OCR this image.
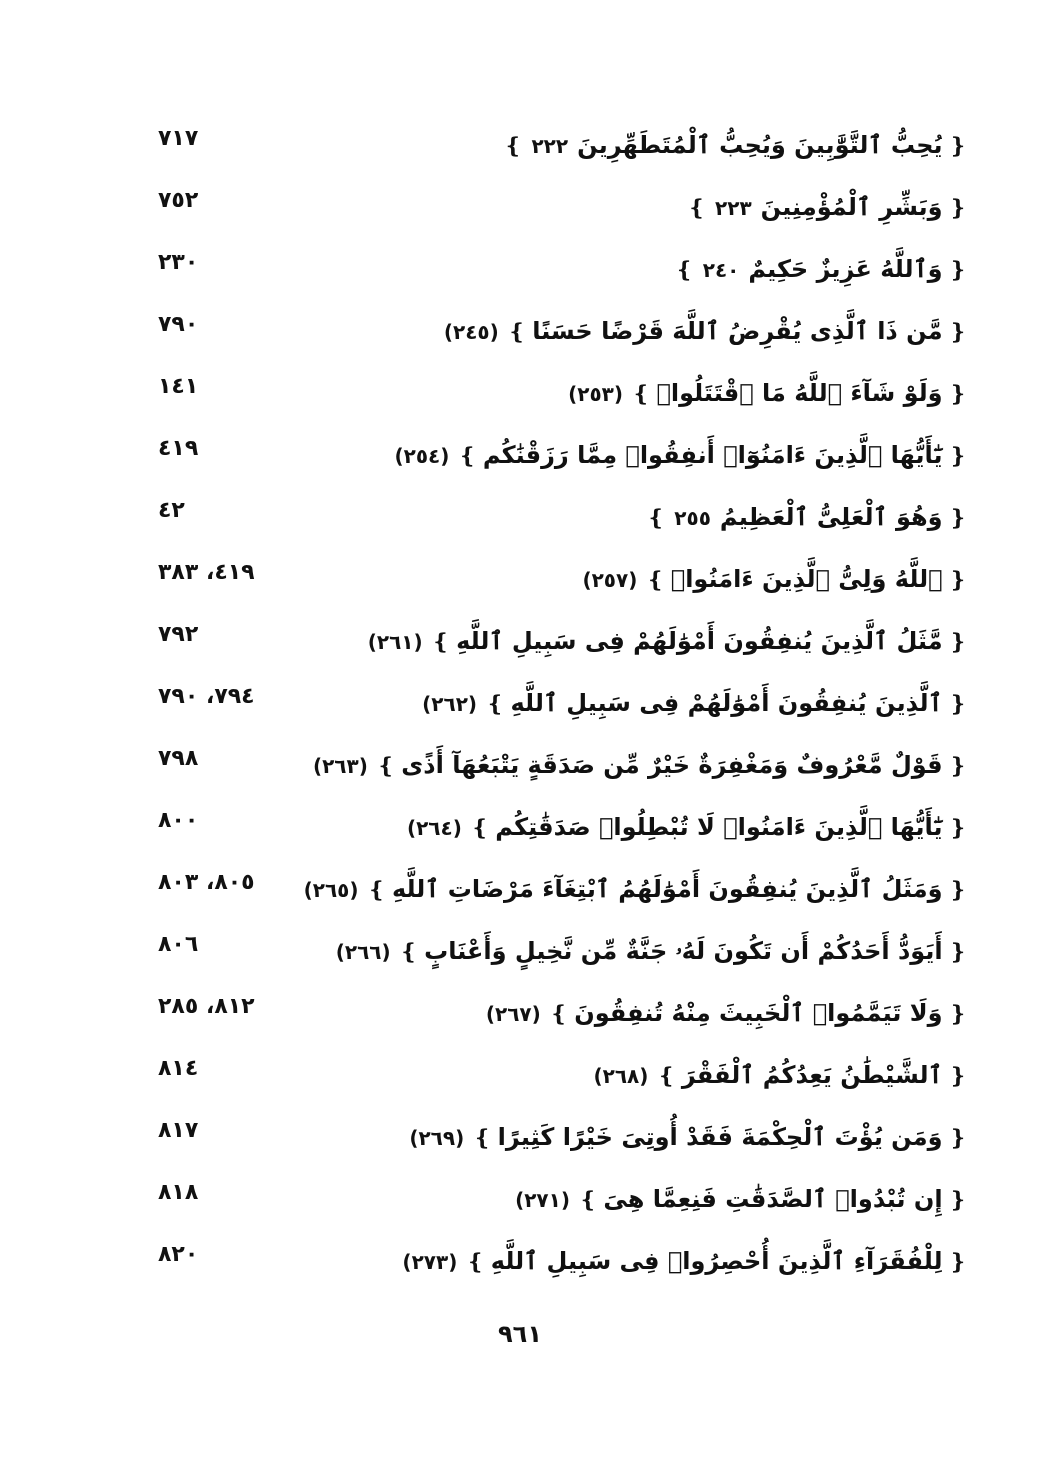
٧١٧	❴يُحِبُّ ٱلتَّوَّٰبِينَ وَيُحِبُّ ٱلْمُتَطَهِّرِينَ٢٢٢❵
٧٥٢	❴وَبَشِّرِ ٱلْمُؤْمِنِينَ٢٢٣❵
٢٣٠	❴وَٱللَّهُ عَزِيزٌ حَكِيمٌ٢٤٠❵
٧٩٠	❴مَّن ذَا ٱلَّذِى يُقْرِضُ ٱللَّهَ قَرْضًا حَسَنًا❵(٢٤٥)
١٤١	❴وَلَوْ شَآءَ ٱللَّهُ مَا ٱقْتَتَلُوا۟❵(٢٥٣)
٤١٩	❴يَٰٓأَيُّهَا ٱلَّذِينَ ءَامَنُوٓا۟ أَنفِقُوا۟ مِمَّا رَزَقْنَٰكُم❵(٢٥٤)
٤٢	❴وَهُوَ ٱلْعَلِىُّ ٱلْعَظِيمُ٢٥٥❵
٤١٩، ٣٨٣	❴ٱللَّهُ وَلِىُّ ٱلَّذِينَ ءَامَنُوا۟❵(٢٥٧)
٧٩٢	❴مَّثَلُ ٱلَّذِينَ يُنفِقُونَ أَمْوَٰلَهُمْ فِى سَبِيلِ ٱللَّهِ❵(٢٦١)
٧٩٤، ٧٩٠	❴ٱلَّذِينَ يُنفِقُونَ أَمْوَٰلَهُمْ فِى سَبِيلِ ٱللَّهِ❵(٢٦٢)
٧٩٨	❴قَوْلٌ مَّعْرُوفٌ وَمَغْفِرَةٌ خَيْرٌ مِّن صَدَقَةٍ يَتْبَعُهَآ أَذًى❵(٢٦٣)
٨٠٠	❴يَٰٓأَيُّهَا ٱلَّذِينَ ءَامَنُوا۟ لَا تُبْطِلُوا۟ صَدَقَٰتِكُم❵(٢٦٤)
٨٠٥، ٨٠٣	❴وَمَثَلُ ٱلَّذِينَ يُنفِقُونَ أَمْوَٰلَهُمُ ٱبْتِغَآءَ مَرْضَاتِ ٱللَّهِ❵(٢٦٥)
٨٠٦	❴أَيَوَدُّ أَحَدُكُمْ أَن تَكُونَ لَهُۥ جَنَّةٌ مِّن نَّخِيلٍ وَأَعْنَابٍ❵(٢٦٦)
٨١٢، ٢٨٥	❴وَلَا تَيَمَّمُوا۟ ٱلْخَبِيثَ مِنْهُ تُنفِقُونَ❵(٢٦٧)
٨١٤	❴ٱلشَّيْطَٰنُ يَعِدُكُمُ ٱلْفَقْرَ❵(٢٦٨)
٨١٧	❴وَمَن يُؤْتَ ٱلْحِكْمَةَ فَقَدْ أُوتِىَ خَيْرًا كَثِيرًا❵(٢٦٩)
٨١٨	❴إِن تُبْدُوا۟ ٱلصَّدَقَٰتِ فَنِعِمَّا هِىَ❵(٢٧١)
٨٢٠	❴لِلْفُقَرَآءِ ٱلَّذِينَ أُحْصِرُوا۟ فِى سَبِيلِ ٱللَّهِ❵(٢٧٣)
٩٦١
